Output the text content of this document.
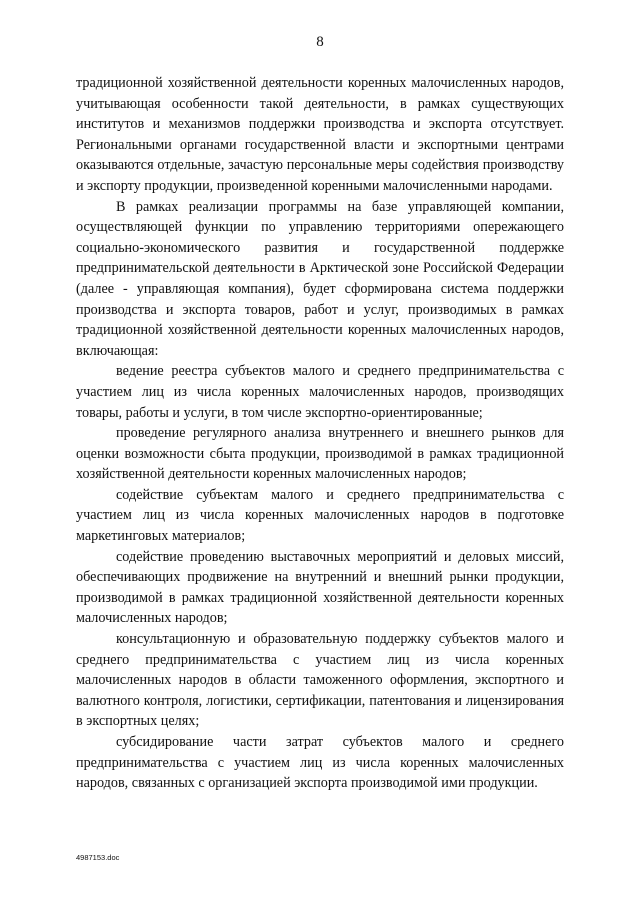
8

традиционной хозяйственной деятельности коренных малочисленных народов, учитывающая особенности такой деятельности, в рамках существующих институтов и механизмов поддержки производства и экспорта отсутствует. Региональными органами государственной власти и экспортными центрами оказываются отдельные, зачастую персональные меры содействия производству и экспорту продукции, произведенной коренными малочисленными народами.

В рамках реализации программы на базе управляющей компании, осуществляющей функции по управлению территориями опережающего социально-экономического развития и государственной поддержке предпринимательской деятельности в Арктической зоне Российской Федерации (далее - управляющая компания), будет сформирована система поддержки производства и экспорта товаров, работ и услуг, производимых в рамках традиционной хозяйственной деятельности коренных малочисленных народов, включающая:

ведение реестра субъектов малого и среднего предпринимательства с участием лиц из числа коренных малочисленных народов, производящих товары, работы и услуги, в том числе экспортно-ориентированные;

проведение регулярного анализа внутреннего и внешнего рынков для оценки возможности сбыта продукции, производимой в рамках традиционной хозяйственной деятельности коренных малочисленных народов;

содействие субъектам малого и среднего предпринимательства с участием лиц из числа коренных малочисленных народов в подготовке маркетинговых материалов;

содействие проведению выставочных мероприятий и деловых миссий, обеспечивающих продвижение на внутренний и внешний рынки продукции, производимой в рамках традиционной хозяйственной деятельности коренных малочисленных народов;

консультационную и образовательную поддержку субъектов малого и среднего предпринимательства с участием лиц из числа коренных малочисленных народов в области таможенного оформления, экспортного и валютного контроля, логистики, сертификации, патентования и лицензирования в экспортных целях;

субсидирование части затрат субъектов малого и среднего предпринимательства с участием лиц из числа коренных малочисленных народов, связанных с организацией экспорта производимой ими продукции.

4987153.doc
